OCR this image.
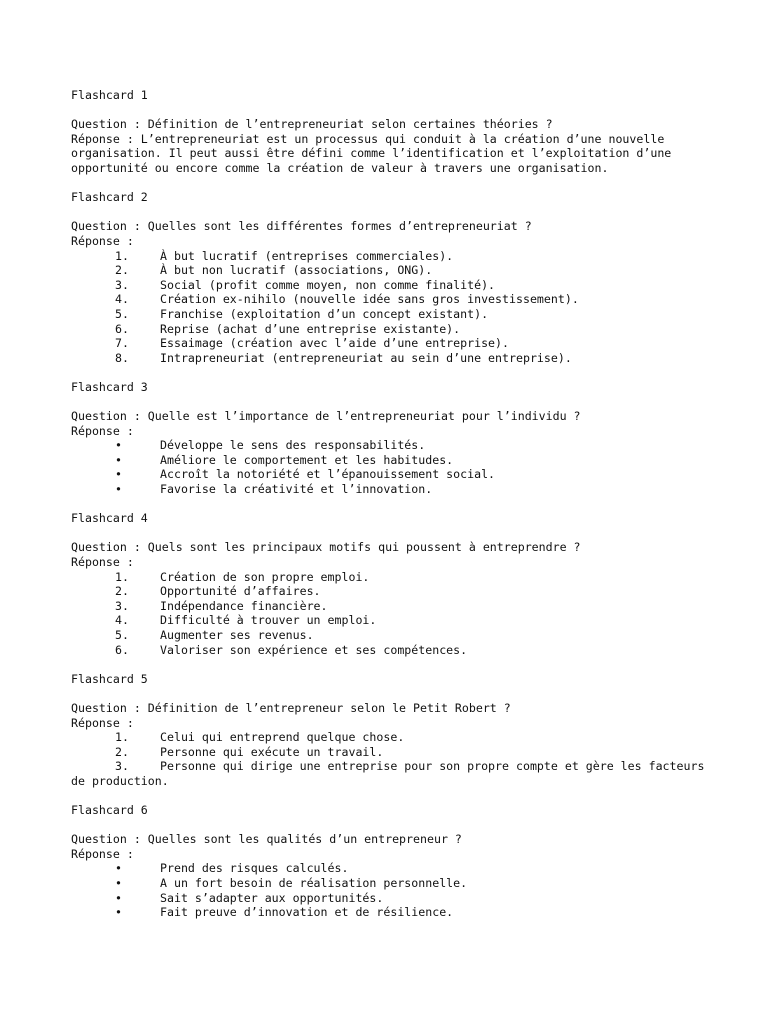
Flashcard 1
Question : Définition de l’entrepreneuriat selon certaines théories ?
Réponse : L’entrepreneuriat est un processus qui conduit à la création d’une nouvelle organisation. Il peut aussi être défini comme l’identification et l’exploitation d’une opportunité ou encore comme la création de valeur à travers une organisation.
Flashcard 2
Question : Quelles sont les différentes formes d’entrepreneuriat ?
Réponse :
1.	À but lucratif (entreprises commerciales).
2.	À but non lucratif (associations, ONG).
3.	Social (profit comme moyen, non comme finalité).
4.	Création ex-nihilo (nouvelle idée sans gros investissement).
5.	Franchise (exploitation d’un concept existant).
6.	Reprise (achat d’une entreprise existante).
7.	Essaimage (création avec l’aide d’une entreprise).
8.	Intrapreneuriat (entrepreneuriat au sein d’une entreprise).
Flashcard 3
Question : Quelle est l’importance de l’entrepreneuriat pour l’individu ?
Réponse :
•	Développe le sens des responsabilités.
•	Améliore le comportement et les habitudes.
•	Accroît la notoriété et l’épanouissement social.
•	Favorise la créativité et l’innovation.
Flashcard 4
Question : Quels sont les principaux motifs qui poussent à entreprendre ?
Réponse :
1.	Création de son propre emploi.
2.	Opportunité d’affaires.
3.	Indépendance financière.
4.	Difficulté à trouver un emploi.
5.	Augmenter ses revenus.
6.	Valoriser son expérience et ses compétences.
Flashcard 5
Question : Définition de l’entrepreneur selon le Petit Robert ?
Réponse :
1.	Celui qui entreprend quelque chose.
2.	Personne qui exécute un travail.
3.	Personne qui dirige une entreprise pour son propre compte et gère les facteurs de production.
Flashcard 6
Question : Quelles sont les qualités d’un entrepreneur ?
Réponse :
•	Prend des risques calculés.
•	A un fort besoin de réalisation personnelle.
•	Sait s’adapter aux opportunités.
•	Fait preuve d’innovation et de résilience.
